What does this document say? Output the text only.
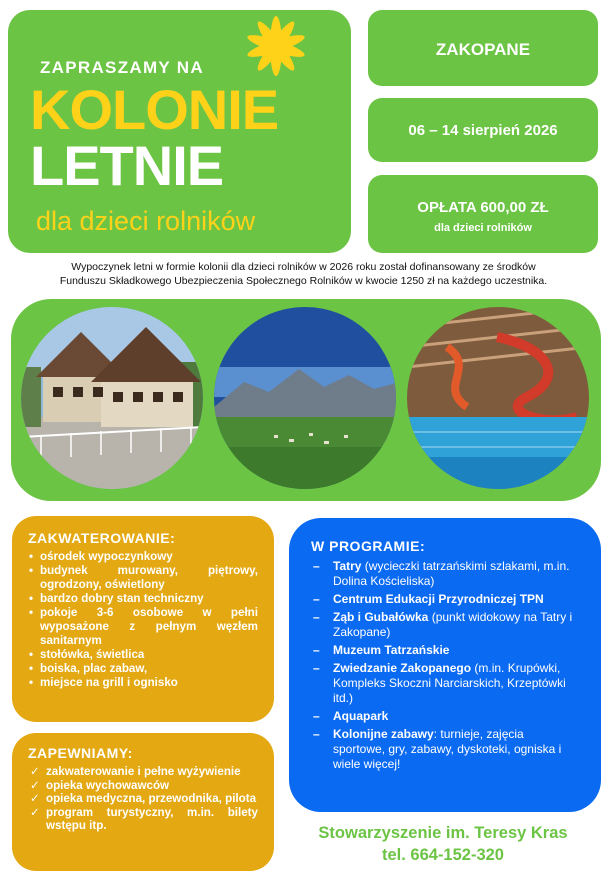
ZAPRASZAMY NA
KOLONIE
LETNIE
dla dzieci rolników
ZAKOPANE
06 – 14 sierpień 2026
OPŁATA 600,00 ZŁ
dla dzieci rolników
Wypoczynek letni w formie kolonii dla dzieci rolników w 2026 roku został dofinansowany ze środków
Funduszu Składkowego Ubezpieczenia Społecznego Rolników w kwocie 1250 zł na każdego uczestnika.
ZAKWATEROWANIE:
• ośrodek wypoczynkowy
• budynek murowany, piętrowy, ogrodzony, oświetlony
• bardzo dobry stan techniczny
• pokoje 3-6 osobowe w pełni wyposażone z pełnym węzłem sanitarnym
• stołówka, świetlica
• boiska, plac zabaw,
• miejsce na grill i ognisko
ZAPEWNIAMY:
✓ zakwaterowanie i pełne wyżywienie
✓ opieka wychowawców
✓ opieka medyczna, przewodnika, pilota
✓ program turystyczny, m.in. bilety wstępu itp.
W PROGRAMIE:
– Tatry (wycieczki tatrzańskimi szlakami, m.in. Dolina Kościeliska)
– Centrum Edukacji Przyrodniczej TPN
– Ząb i Gubałówka (punkt widokowy na Tatry i Zakopane)
– Muzeum Tatrzańskie
– Zwiedzanie Zakopanego (m.in. Krupówki, Kompleks Skoczni Narciarskich, Krzeptówki itd.)
– Aquapark
– Kolonijne zabawy: turnieje, zajęcia sportowe, gry, zabawy, dyskoteki, ogniska i wiele więcej!
Stowarzyszenie im. Teresy Kras
tel. 664-152-320
